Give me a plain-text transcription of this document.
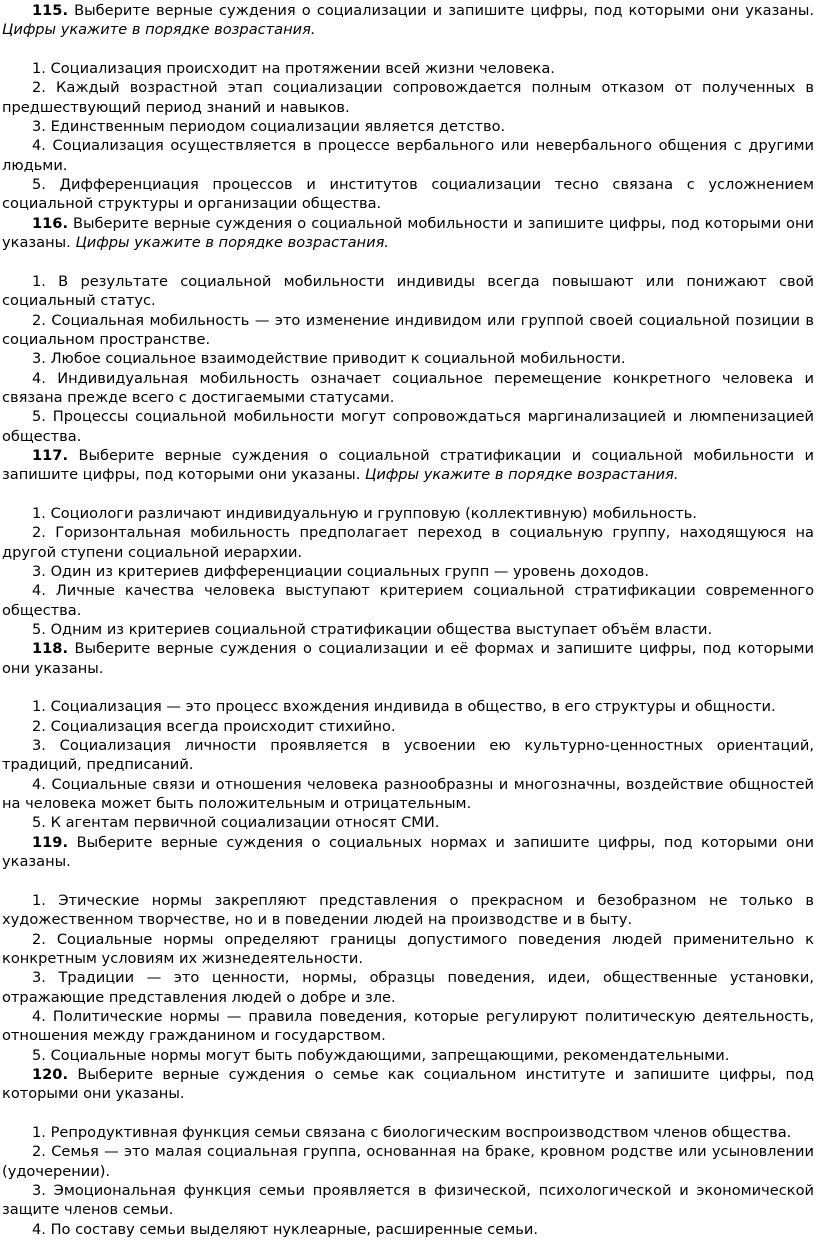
115. Выберите верные суждения о социализации и запишите цифры, под которыми они указаны. Цифры укажите в порядке возрастания.

1. Социализация происходит на протяжении всей жизни человека.

2. Каждый возрастной этап социализации сопровождается полным отказом от полученных в предшествующий период знаний и навыков.

3. Единственным периодом социализации является детство.

4. Социализация осуществляется в процессе вербального или невербального общения с другими людьми.

5. Дифференциация процессов и институтов социализации тесно связана с усложнением социальной структуры и организации общества.

116. Выберите верные суждения о социальной мобильности и запишите цифры, под которыми они указаны. Цифры укажите в порядке возрастания.

1. В результате социальной мобильности индивиды всегда повышают или понижают свой социальный статус.

2. Социальная мобильность — это изменение индивидом или группой своей социальной позиции в социальном пространстве.

3. Любое социальное взаимодействие приводит к социальной мобильности.

4. Индивидуальная мобильность означает социальное перемещение конкретного человека и связана прежде всего с достигаемыми статусами.

5. Процессы социальной мобильности могут сопровождаться маргинализацией и люмпенизацией общества.

117. Выберите верные суждения о социальной стратификации и социальной мобильности и запишите цифры, под которыми они указаны. Цифры укажите в порядке возрастания.

1. Социологи различают индивидуальную и групповую (коллективную) мобильность.

2. Горизонтальная мобильность предполагает переход в социальную группу, находящуюся на другой ступени социальной иерархии.

3. Один из критериев дифференциации социальных групп — уровень доходов.

4. Личные качества человека выступают критерием социальной стратификации современного общества.

5. Одним из критериев социальной стратификации общества выступает объём власти.

118. Выберите верные суждения о социализации и её формах и запишите цифры, под которыми они указаны.

1. Социализация — это процесс вхождения индивида в общество, в его структуры и общности.

2. Социализация всегда происходит стихийно.

3. Социализация личности проявляется в усвоении ею культурно-ценностных ориентаций, традиций, предписаний.

4. Социальные связи и отношения человека разнообразны и многозначны, воздействие общностей на человека может быть положительным и отрицательным.

5. К агентам первичной социализации относят СМИ.

119. Выберите верные суждения о социальных нормах и запишите цифры, под которыми они указаны.

1. Этические нормы закрепляют представления о прекрасном и безобразном не только в художественном творчестве, но и в поведении людей на производстве и в быту.

2. Социальные нормы определяют границы допустимого поведения людей применительно к конкретным условиям их жизнедеятельности.

3. Традиции — это ценности, нормы, образцы поведения, идеи, общественные установки, отражающие представления людей о добре и зле.

4. Политические нормы — правила поведения, которые регулируют политическую деятельность, отношения между гражданином и государством.

5. Социальные нормы могут быть побуждающими, запрещающими, рекомендательными.

120. Выберите верные суждения о семье как социальном институте и запишите цифры, под которыми они указаны.

1. Репродуктивная функция семьи связана с биологическим воспроизводством членов общества.

2. Семья — это малая социальная группа, основанная на браке, кровном родстве или усыновлении (удочерении).

3. Эмоциональная функция семьи проявляется в физической, психологической и экономической защите членов семьи.

4. По составу семьи выделяют нуклеарные, расширенные семьи.
